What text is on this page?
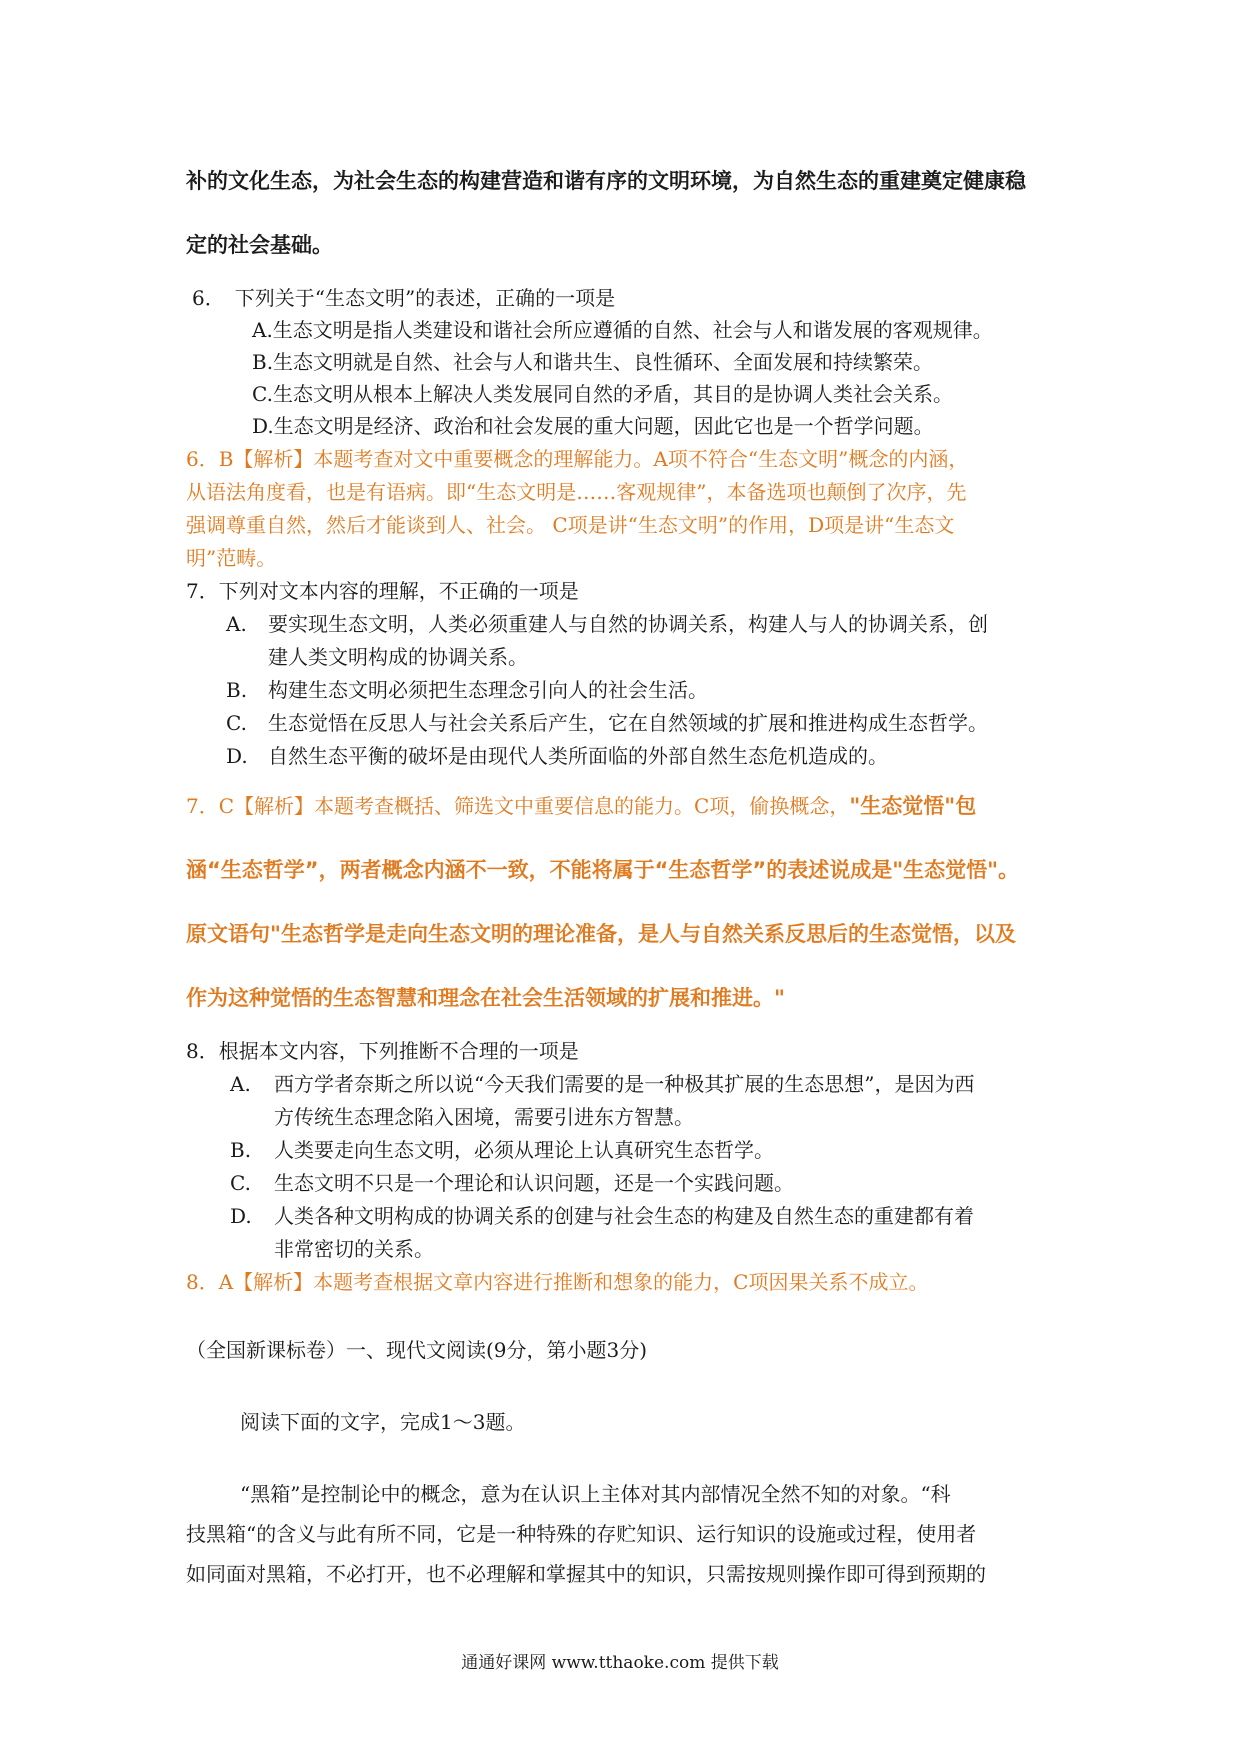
补的文化生态，为社会生态的构建营造和谐有序的文明环境，为自然生态的重建奠定健康稳
定的社会基础。
6．　下列关于“生态文明”的表述，正确的一项是
A.生态文明是指人类建设和谐社会所应遵循的自然、社会与人和谐发展的客观规律。
B.生态文明就是自然、社会与人和谐共生、良性循环、全面发展和持续繁荣。
C.生态文明从根本上解决人类发展同自然的矛盾，其目的是协调人类社会关系。
D.生态文明是经济、政治和社会发展的重大问题，因此它也是一个哲学问题。
6．B【解析】本题考查对文中重要概念的理解能力。A项不符合“生态文明”概念的内涵，
从语法角度看，也是有语病。即“生态文明是……客观规律”，本备选项也颠倒了次序，先
强调尊重自然，然后才能谈到人、社会。 C项是讲“生态文明”的作用，D项是讲“生态文
明”范畴。
7．下列对文本内容的理解，不正确的一项是
A. 要实现生态文明，人类必须重建人与自然的协调关系，构建人与人的协调关系，创
建人类文明构成的协调关系。
B. 构建生态文明必须把生态理念引向人的社会生活。
C. 生态觉悟在反思人与社会关系后产生，它在自然领域的扩展和推进构成生态哲学。
D. 自然生态平衡的破坏是由现代人类所面临的外部自然生态危机造成的。
7．C【解析】本题考查概括、筛选文中重要信息的能力。C项，偷换概念，"生态觉悟"包
涵“生态哲学”，两者概念内涵不一致，不能将属于“生态哲学”的表述说成是"生态觉悟"。
原文语句"生态哲学是走向生态文明的理论准备，是人与自然关系反思后的生态觉悟，以及
作为这种觉悟的生态智慧和理念在社会生活领域的扩展和推进。"
8．根据本文内容，下列推断不合理的一项是
A. 西方学者奈斯之所以说“今天我们需要的是一种极其扩展的生态思想”，是因为西
方传统生态理念陷入困境，需要引进东方智慧。
B. 人类要走向生态文明，必须从理论上认真研究生态哲学。
C. 生态文明不只是一个理论和认识问题，还是一个实践问题。
D. 人类各种文明构成的协调关系的创建与社会生态的构建及自然生态的重建都有着
非常密切的关系。
8．A【解析】本题考查根据文章内容进行推断和想象的能力，C项因果关系不成立。
（全国新课标卷）一、现代文阅读(9分，第小题3分)
阅读下面的文字，完成1～3题。
“黑箱”是控制论中的概念，意为在认识上主体对其内部情况全然不知的对象。“科
技黑箱“的含义与此有所不同，它是一种特殊的存贮知识、运行知识的设施或过程，使用者
如同面对黑箱，不必打开，也不必理解和掌握其中的知识，只需按规则操作即可得到预期的
通通好课网 www.tthaoke.com 提供下载
